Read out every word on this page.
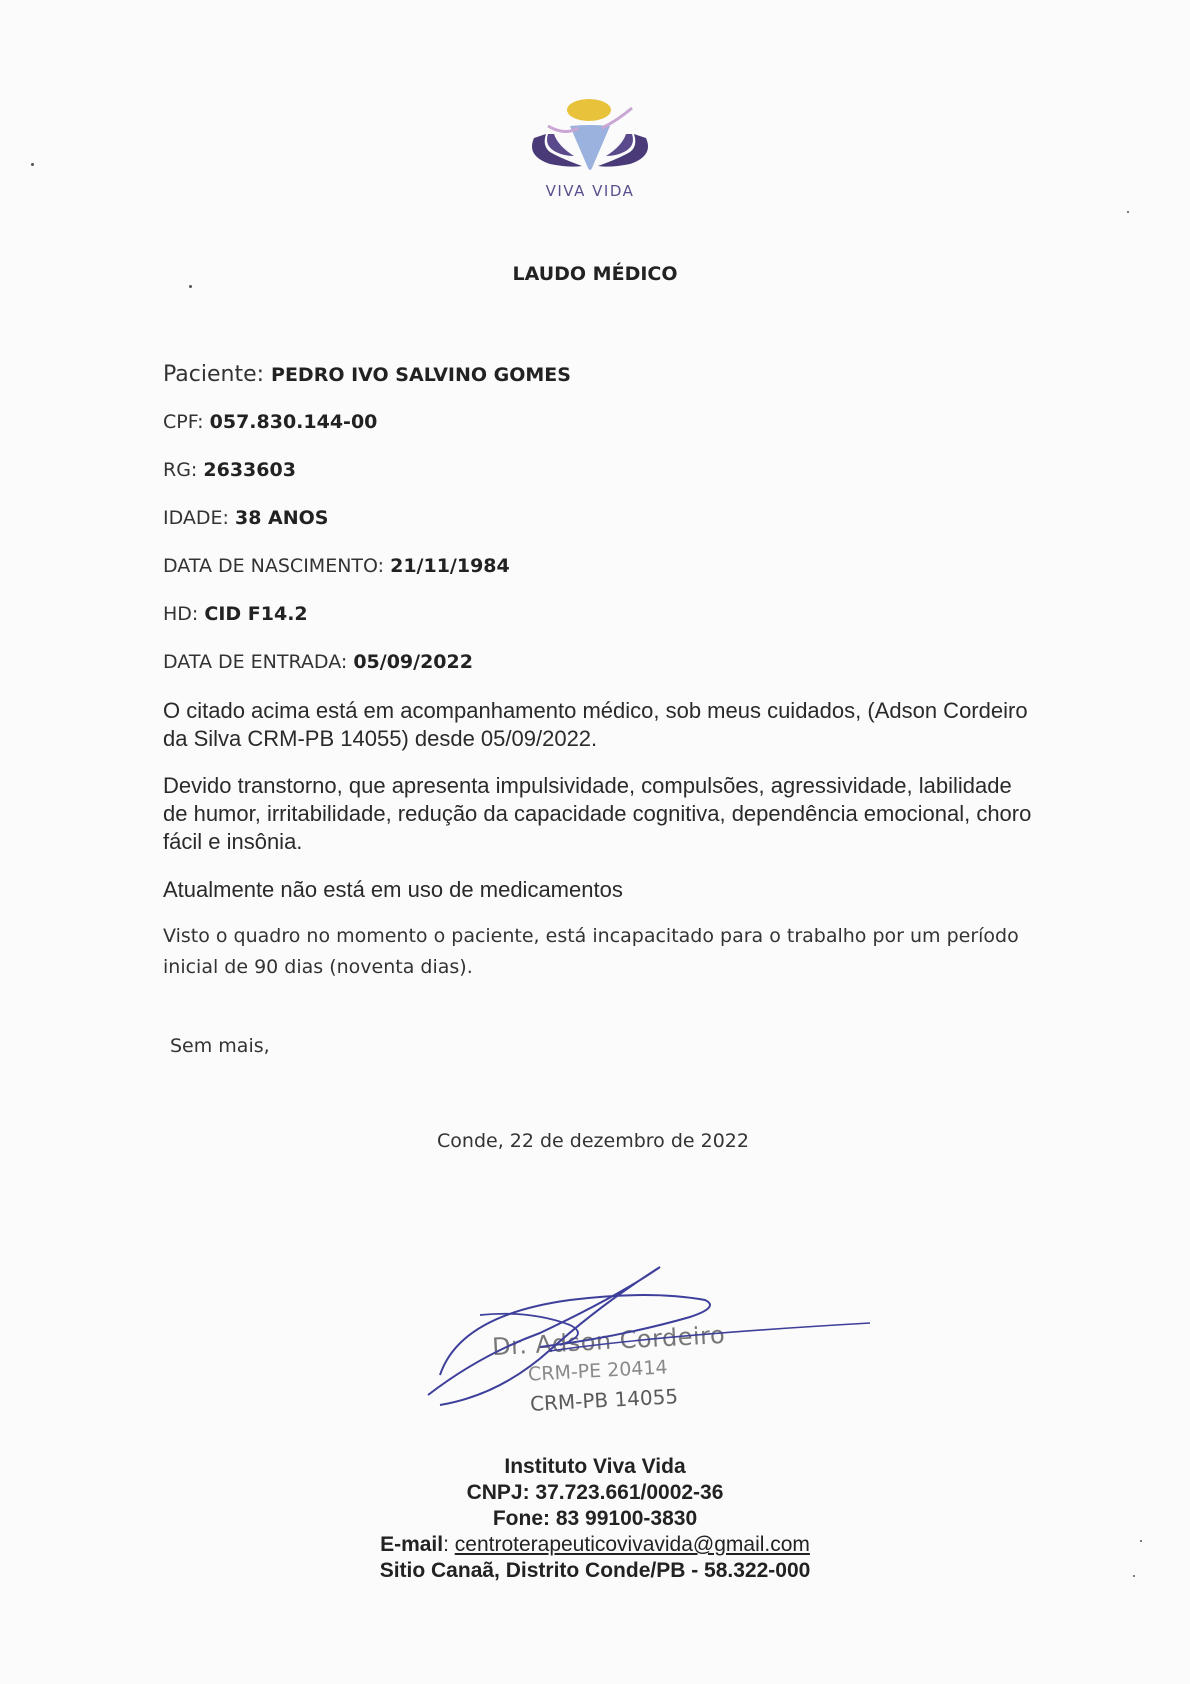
VIVA VIDA
LAUDO MÉDICO
Paciente: PEDRO IVO SALVINO GOMES
CPF: 057.830.144-00
RG: 2633603
IDADE: 38 ANOS
DATA DE NASCIMENTO: 21/11/1984
HD: CID F14.2
DATA DE ENTRADA: 05/09/2022
O citado acima está em acompanhamento médico, sob meus cuidados, (Adson Cordeiro da Silva CRM-PB 14055) desde 05/09/2022.
Devido transtorno, que apresenta impulsividade, compulsões, agressividade, labilidade de humor, irritabilidade, redução da capacidade cognitiva, dependência emocional, choro fácil e insônia.
Atualmente não está em uso de medicamentos
Visto o quadro no momento o paciente, está incapacitado para o trabalho por um período inicial de 90 dias (noventa dias).
Sem mais,
Conde, 22 de dezembro de 2022
Dr. Adson Cordeiro
CRM-PE 20414
CRM-PB 14055
Instituto Viva Vida
CNPJ: 37.723.661/0002-36
Fone: 83 99100-3830
E-mail: centroterapeuticovivavida@gmail.com
Sitio Canaã, Distrito Conde/PB - 58.322-000
